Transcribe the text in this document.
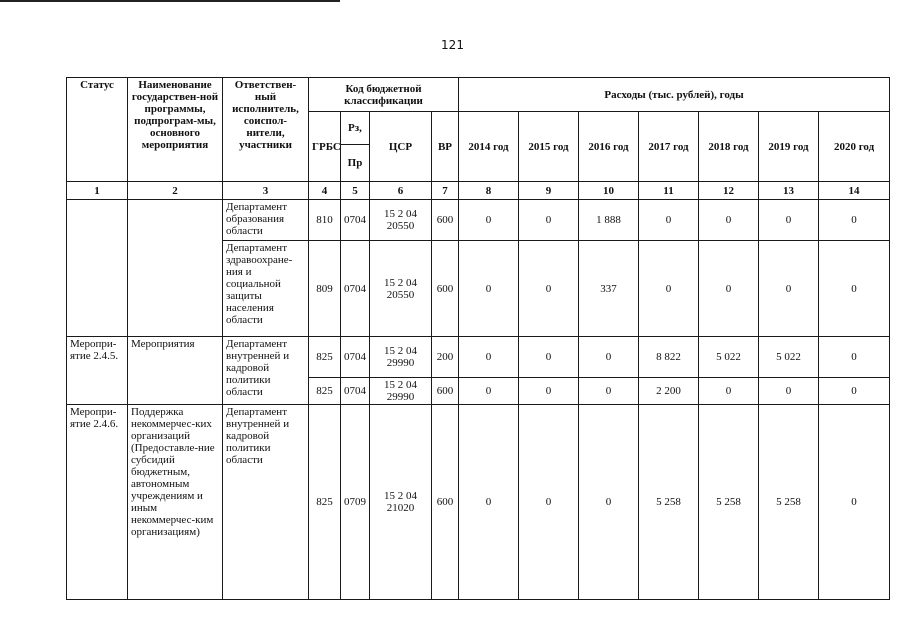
121
Статус	Наименование государствен-ной программы, подпрограм-мы, основного мероприятия	Ответствен-ный исполнитель, соиспол-нители, участники	Код бюджетной классификации				Расходы (тыс. рублей), годы						
			ГРБС	Рз,	ЦСР	ВР	2014 год	2015 год	2016 год	2017 год	2018 год	2019 год	2020 год
				Пр									
1	2	3	4	5	6	7	8	9	10	11	12	13	14
		Департамент образования области	810	0704	15 2 04 20550	600	0	0	1 888	0	0	0	0
		Департамент здравоохране-ния и социальной защиты населения области	809	0704	15 2 04 20550	600	0	0	337	0	0	0	0
Меропри-ятие 2.4.5.	Мероприятия	Департамент внутренней и кадровой политики области	825	0704	15 2 04 29990	200	0	0	0	8 822	5 022	5 022	0
			825	0704	15 2 04 29990	600	0	0	0	2 200	0	0	0
Меропри-ятие 2.4.6.	Поддержка некоммерчес-ких организаций (Предоставле-ние субсидий бюджетным, автономным учреждениям и иным некоммерчес-ким организациям)	Департамент внутренней и кадровой политики области	825	0709	15 2 04 21020	600	0	0	0	5 258	5 258	5 258	0
